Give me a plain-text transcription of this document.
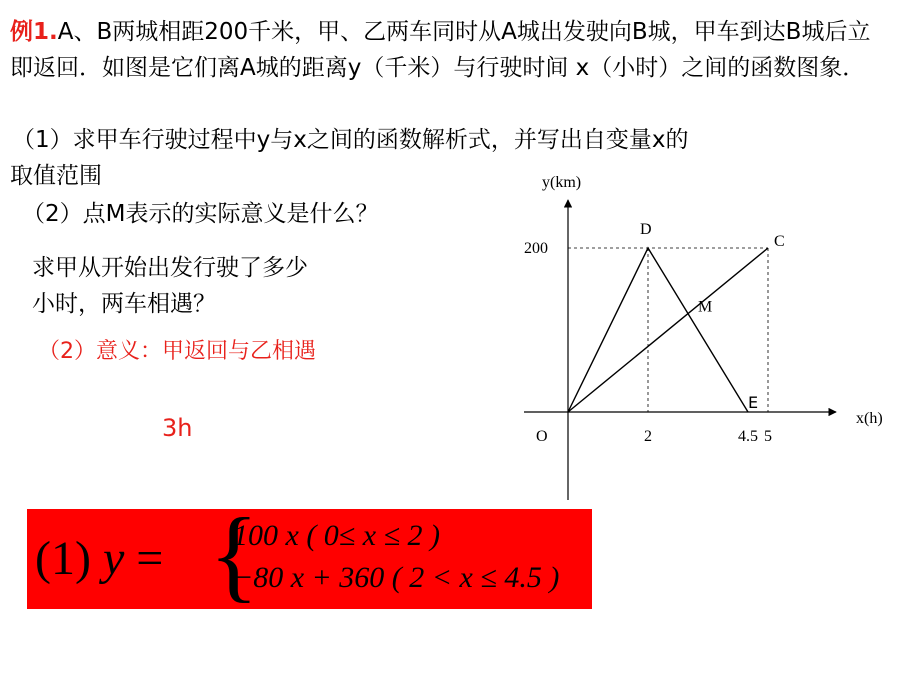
例1.A、B两城相距200千米，甲、乙两车同时从A城出发驶向B城，甲车到达B城后立即返回．如图是它们离A城的距离y（千米）与行驶时间 x（小时）之间的函数图象．

（1）求甲车行驶过程中y与x之间的函数解析式，并写出自变量x的
取值范围

（2）点M表示的实际意义是什么？

求甲从开始出发行驶了多少
小时，两车相遇？

（2）意义：甲返回与乙相遇

3h

y(km)
x(h)
O	2	4.5 5
200
D
C
M
E
(1) y = {
100 x ( 0≤ x ≤ 2 )
−80 x + 360 ( 2 < x ≤ 4.5 )
